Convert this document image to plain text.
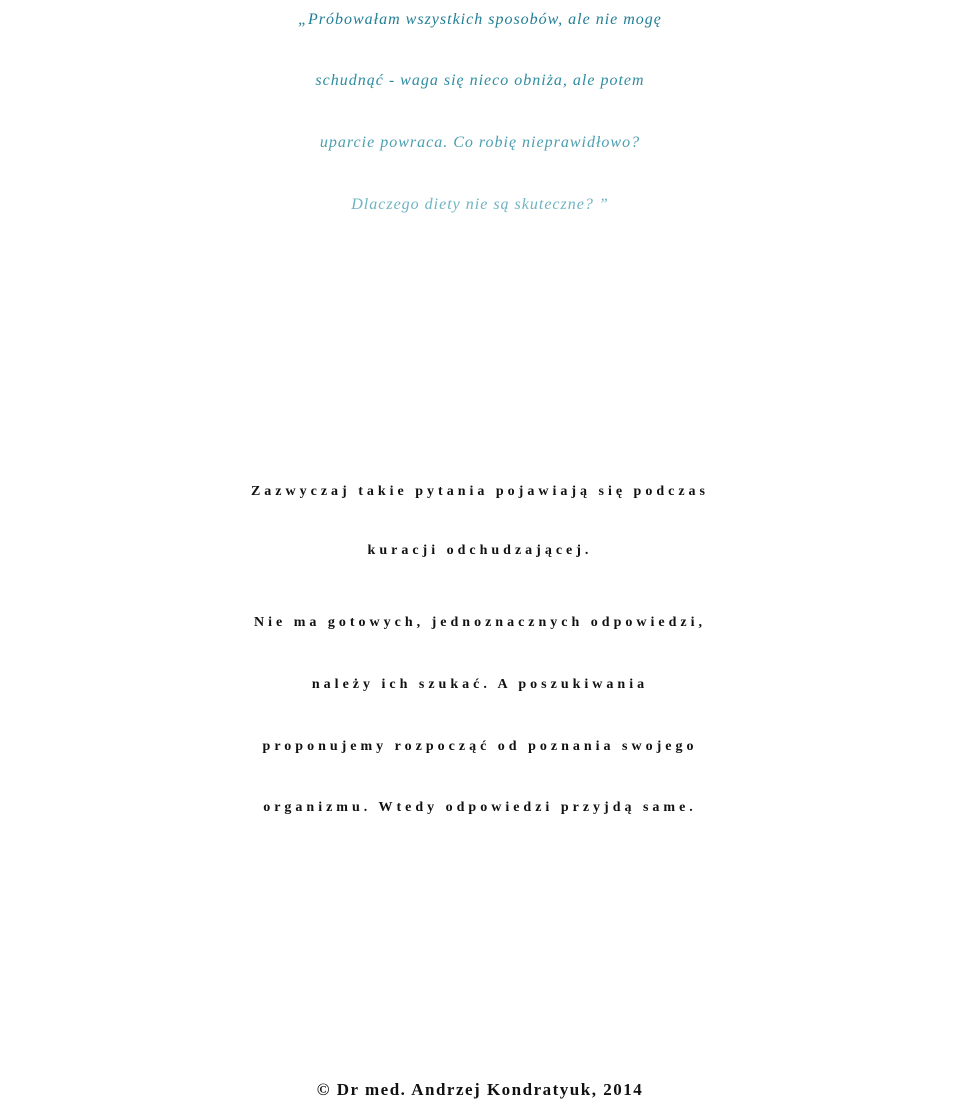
„Próbowałam wszystkich sposobów, ale nie mogę

schudnąć - waga się nieco obniża, ale potem

uparcie powraca. Co robię nieprawidłowo?

Dlaczego diety nie są skuteczne? ”

Zazwyczaj takie pytania pojawiają się podczas

kuracji odchudzającej.

Nie ma gotowych, jednoznacznych odpowiedzi,

należy ich szukać. A poszukiwania

proponujemy rozpocząć od poznania swojego

organizmu. Wtedy odpowiedzi przyjdą same.

© Dr med. Andrzej Kondratyuk, 2014
